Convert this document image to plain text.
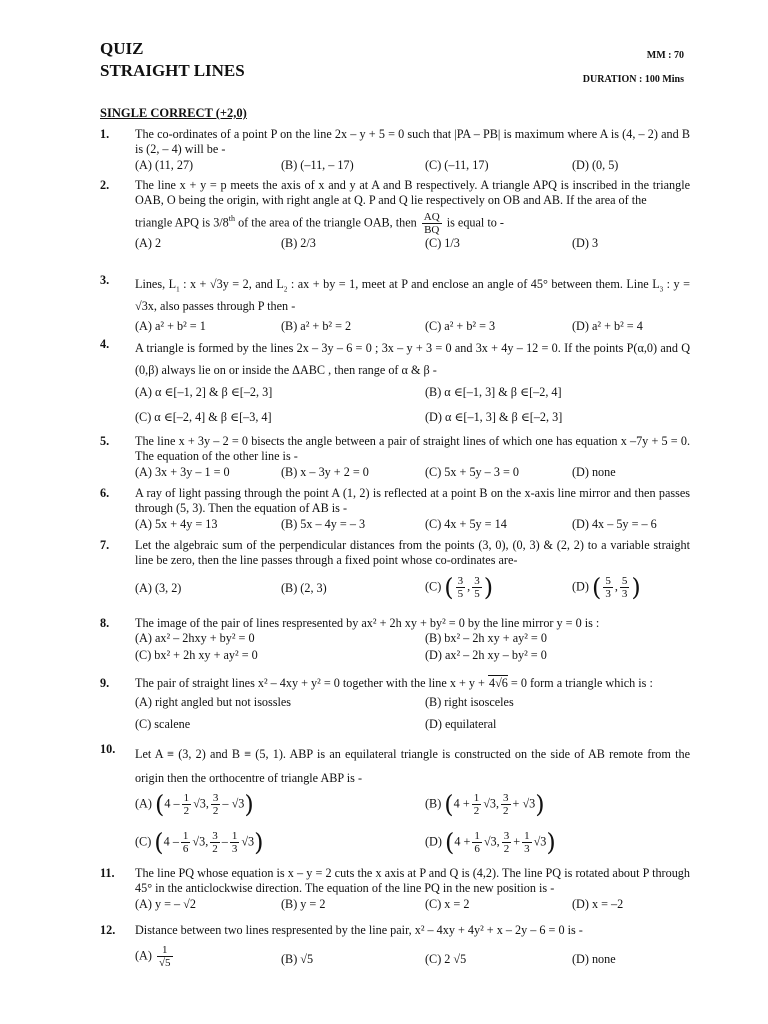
QUIZ
STRAIGHT LINES
MM : 70
DURATION : 100 Mins
SINGLE CORRECT (+2,0)
1.	The co-ordinates of a point P on the line 2x – y + 5 = 0 such that |PA – PB| is maximum where A is (4, – 2) and B is (2, – 4) will be -
(A) (11, 27)	(B) (–11, – 17)	(C) (–11, 17)	(D) (0, 5)
2.	The line x + y = p meets the axis of x and y at A and B respectively. A triangle APQ is inscribed in the triangle OAB, O being the origin, with right angle at Q. P and Q lie respectively on OB and AB. If the area of the

triangle APQ is 3/8th of the area of the triangle OAB, then $\frac{AQ}{BQ}$ is equal to -

(A) 2	(B) 2/3	(C) 1/3	(D) 3
3.	Lines, $L_1$ : x + √3y = 2, and $L_2$ : ax + by = 1, meet at P and enclose an angle of 45° between them. Line $L_3$ : y = √3x, also passes through P then -
(A) a² + b² = 1	(B) a² + b² = 2	(C) a² + b² = 3	(D) a² + b² = 4
4.	A triangle is formed by the lines 2x – 3y – 6 = 0 ; 3x – y + 3 = 0 and 3x + 4y – 12 = 0. If the points P(α,0) and Q (0,β) always lie on or inside the ΔABC , then range of α & β -
(A) α ∈[–1, 2] & β ∈[–2, 3]	(B) α ∈[–1, 3] & β ∈[–2, 4]
(C) α ∈[–2, 4] & β ∈[–3, 4]	(D) α ∈[–1, 3] & β ∈[–2, 3]
5.	The line x + 3y – 2 = 0 bisects the angle between a pair of straight lines of which one has equation x –7y + 5 = 0. The equation of the other line is -
(A) 3x + 3y – 1 = 0	(B) x – 3y + 2 = 0	(C) 5x + 5y – 3 = 0	(D) none
6.	A ray of light passing through the point A (1, 2) is reflected at a point B on the x-axis line mirror and then passes through (5, 3). Then the equation of AB is -
(A) 5x + 4y = 13	(B) 5x – 4y = – 3	(C) 4x + 5y = 14	(D) 4x – 5y = – 6
7.	Let the algebraic sum of the perpendicular distances from the points (3, 0), (0, 3) & (2, 2) to a variable straight line be zero, then the line passes through a fixed point whose co-ordinates are-
(A) (3, 2)	(B) (2, 3)	(C) ( $\frac{3}{5}$ , $\frac{3}{5}$ )	(D) ( $\frac{5}{3}$ , $\frac{5}{3}$ )
8.	The image of the pair of lines respresented by ax² + 2h xy + by² = 0 by the line mirror y = 0 is :
(A) ax² – 2hxy + by² = 0	(B) bx² – 2h xy + ay² = 0
(C) bx² + 2h xy + ay² = 0	(D) ax² – 2h xy – by² = 0
9.	The pair of straight lines x² – 4xy + y² = 0 together with the line x + y + 4√6 = 0 form a triangle which is :
(A) right angled but not isossles	(B) right isosceles
(C) scalene	(D) equilateral
10.	Let A ≡ (3, 2) and B ≡ (5, 1). ABP is an equilateral triangle is constructed on the side of AB remote from the origin then the orthocentre of triangle ABP is -
(A) ($4 - \frac{1}{2} √3$, $\frac{3}{2} - √3$)	(B) ($4 + \frac{1}{2} √3$, $\frac{3}{2} + √3$)
(C) ($4 - \frac{1}{6} √3$, $\frac{3}{2} - \frac{1}{3} √3$)	(D) ($4 + \frac{1}{6} √3$, $\frac{3}{2} + \frac{1}{3} √3$)
11.	The line PQ whose equation is x – y = 2 cuts the x axis at P and Q is (4,2). The line PQ is rotated about P through 45° in the anticlockwise direction. The equation of the line PQ in the new position is -
(A) y = – √2	(B) y = 2	(C) x = 2	(D) x = –2
12.	Distance between two lines respresented by the line pair, x² – 4xy + 4y² + x – 2y – 6 = 0 is -
$(A) \frac{1}{√5}$	(B) √5	(C) 2 √5	(D) none
